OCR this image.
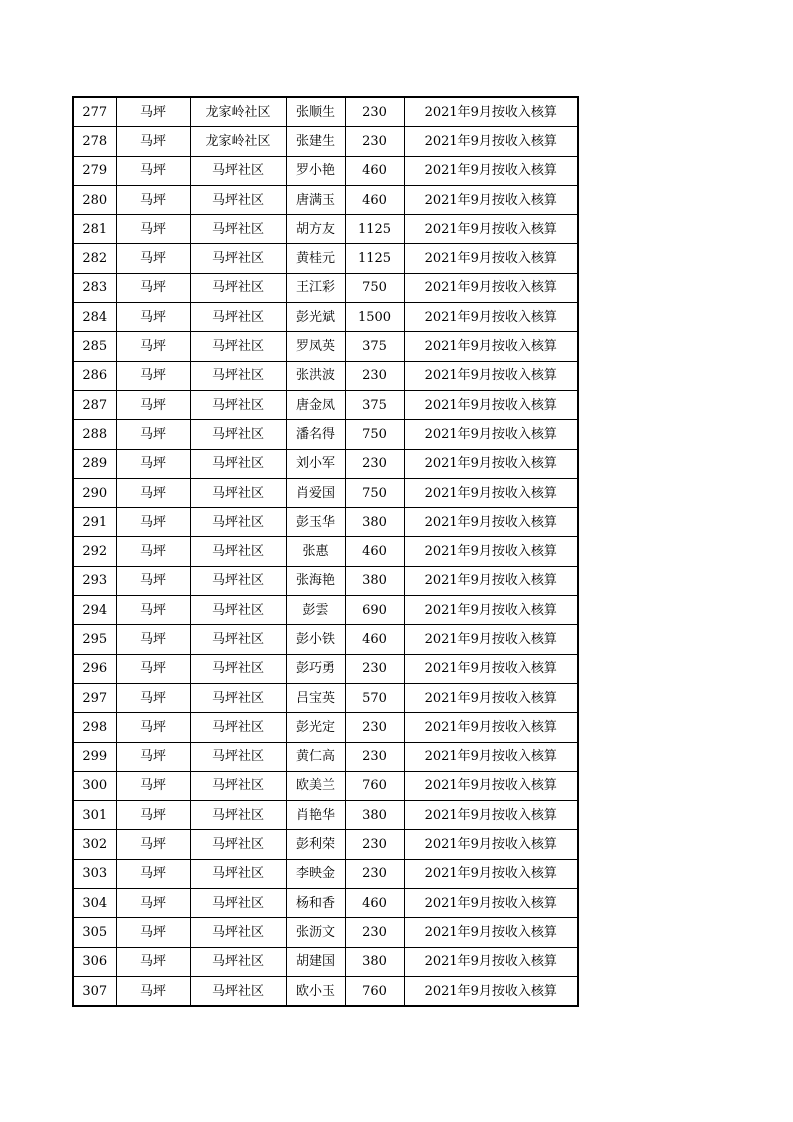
277	马坪	龙家岭社区	张顺生	230	2021年9月按收入核算
278	马坪	龙家岭社区	张建生	230	2021年9月按收入核算
279	马坪	马坪社区	罗小艳	460	2021年9月按收入核算
280	马坪	马坪社区	唐满玉	460	2021年9月按收入核算
281	马坪	马坪社区	胡方友	1125	2021年9月按收入核算
282	马坪	马坪社区	黄桂元	1125	2021年9月按收入核算
283	马坪	马坪社区	王江彩	750	2021年9月按收入核算
284	马坪	马坪社区	彭光斌	1500	2021年9月按收入核算
285	马坪	马坪社区	罗凤英	375	2021年9月按收入核算
286	马坪	马坪社区	张洪波	230	2021年9月按收入核算
287	马坪	马坪社区	唐金凤	375	2021年9月按收入核算
288	马坪	马坪社区	潘名得	750	2021年9月按收入核算
289	马坪	马坪社区	刘小军	230	2021年9月按收入核算
290	马坪	马坪社区	肖爱国	750	2021年9月按收入核算
291	马坪	马坪社区	彭玉华	380	2021年9月按收入核算
292	马坪	马坪社区	张惠	460	2021年9月按收入核算
293	马坪	马坪社区	张海艳	380	2021年9月按收入核算
294	马坪	马坪社区	彭雲	690	2021年9月按收入核算
295	马坪	马坪社区	彭小铁	460	2021年9月按收入核算
296	马坪	马坪社区	彭巧勇	230	2021年9月按收入核算
297	马坪	马坪社区	吕宝英	570	2021年9月按收入核算
298	马坪	马坪社区	彭光定	230	2021年9月按收入核算
299	马坪	马坪社区	黄仁高	230	2021年9月按收入核算
300	马坪	马坪社区	欧美兰	760	2021年9月按收入核算
301	马坪	马坪社区	肖艳华	380	2021年9月按收入核算
302	马坪	马坪社区	彭利荣	230	2021年9月按收入核算
303	马坪	马坪社区	李映金	230	2021年9月按收入核算
304	马坪	马坪社区	杨和香	460	2021年9月按收入核算
305	马坪	马坪社区	张沥文	230	2021年9月按收入核算
306	马坪	马坪社区	胡建国	380	2021年9月按收入核算
307	马坪	马坪社区	欧小玉	760	2021年9月按收入核算
